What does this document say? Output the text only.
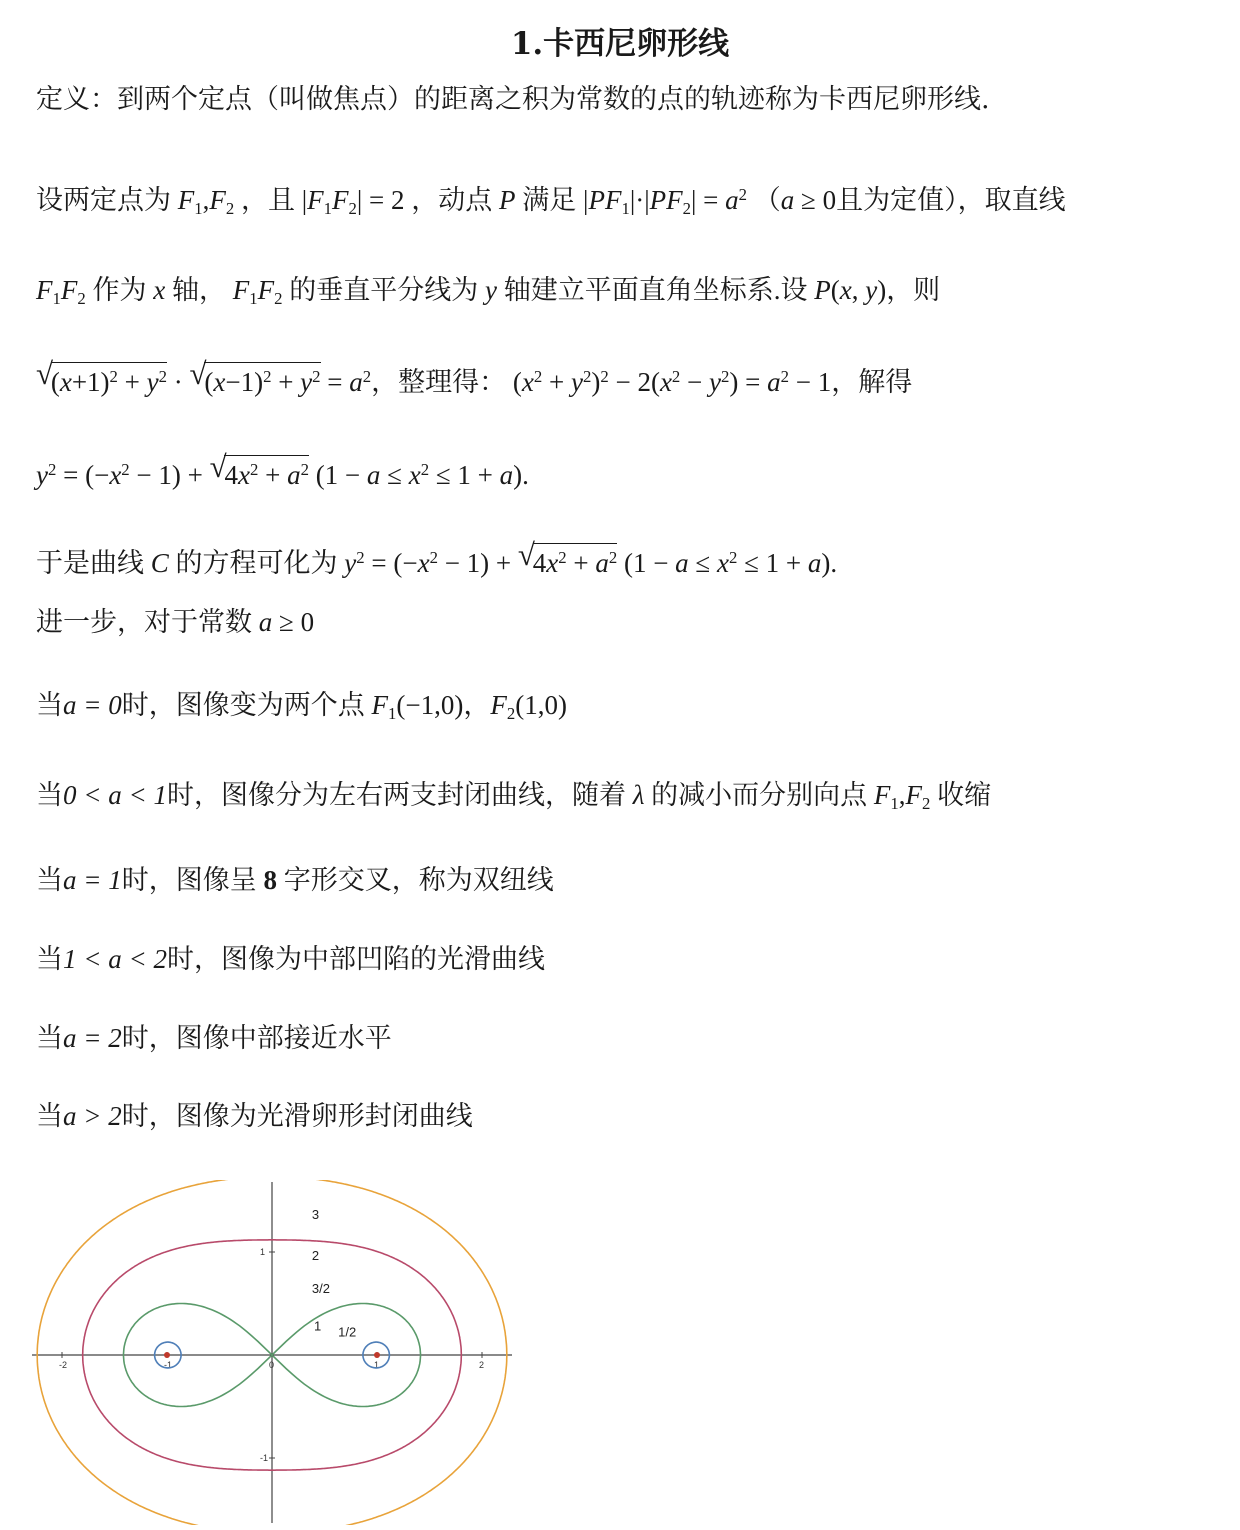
1.卡西尼卵形线
定义：到两个定点（叫做焦点）的距离之积为常数的点的轨迹称为卡西尼卵形线.
设两定点为 $F_1,F_2$ ，且 $|F_1F_2| = 2$ ，动点 P 满足 $|PF_1|\cdot|PF_2| = a^2$ （a ≥ 0且为定值），取直线
$F_1F_2$ 作为 x 轴， $F_1F_2$ 的垂直平分线为 y 轴建立平面直角坐标系.设 P(x, y)，则
√
$(x+1)^2 + y^2$ · √
$(x-1)^2 + y^2 = a^2$，整理得： $(x^2 + y^2)^2 - 2(x^2 - y^2) = a^2 - 1$，解得
$y^2 = (-x^2 - 1)$ + √
$4x^2 + a^2$ $(1 - a \le x^2 \le 1 + a)$.
于是曲线 C 的方程可化为 $y^2 = (-x^2 - 1)$ + √
$4x^2 + a^2$ $(1 - a \le x^2 \le 1 + a)$.
进一步，对于常数 a ≥ 0
当a = 0时，图像变为两个点 $F_1(-1,0)$，$F_2(1,0)$
当0 < a < 1时，图像分为左右两支封闭曲线，随着 λ 的减小而分别向点 $F_1,F_2$ 收缩
当a = 1时，图像呈 8 字形交叉，称为双纽线
当1 < a < 2时，图像为中部凹陷的光滑曲线
当a = 2时，图像中部接近水平
当a > 2时，图像为光滑卵形封闭曲线
-2	-1	0	1	2
1
-1
3
2
3/2
1 1/2
